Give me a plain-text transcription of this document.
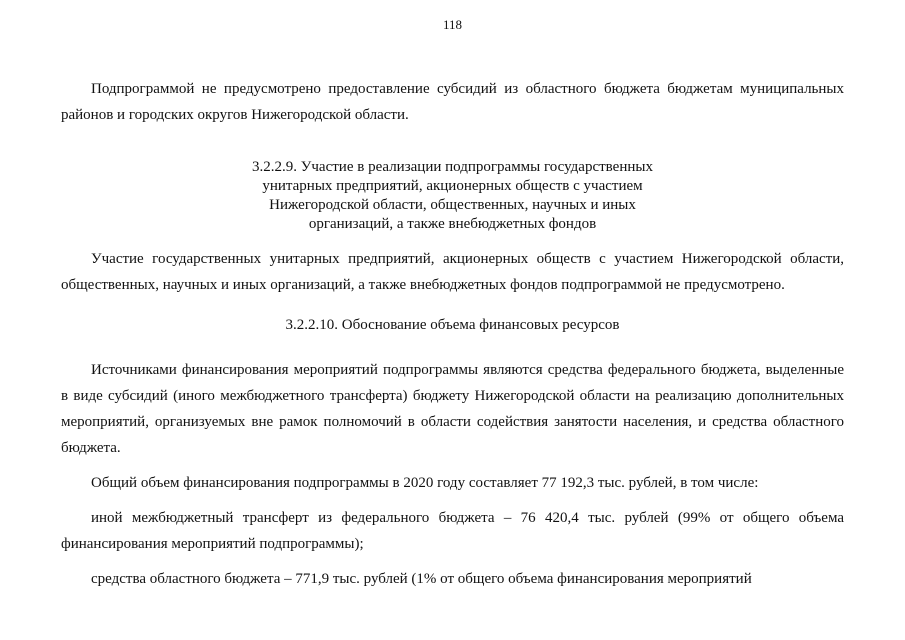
118

Подпрограммой не предусмотрено предоставление субсидий из областного бюджета бюджетам муниципальных районов и городских округов Нижегородской области.

3.2.2.9. Участие в реализации подпрограммы государственных
унитарных предприятий, акционерных обществ с участием
Нижегородской области, общественных, научных и иных
организаций, а также внебюджетных фондов

Участие государственных унитарных предприятий, акционерных обществ с участием Нижегородской области, общественных, научных и иных организаций, а также внебюджетных фондов подпрограммой не предусмотрено.

3.2.2.10. Обоснование объема финансовых ресурсов

Источниками финансирования мероприятий подпрограммы являются средства федерального бюджета, выделенные в виде субсидий (иного межбюджетного трансферта) бюджету Нижегородской области на реализацию дополнительных мероприятий, организуемых вне рамок полномочий в области содействия занятости населения, и средства областного бюджета.

Общий объем финансирования подпрограммы в 2020 году составляет 77 192,3 тыс. рублей, в том числе:

иной межбюджетный трансферт из федерального бюджета – 76 420,4 тыс. рублей (99% от общего объема финансирования мероприятий подпрограммы);

средства областного бюджета – 771,9 тыс. рублей (1% от общего объема финансирования мероприятий
